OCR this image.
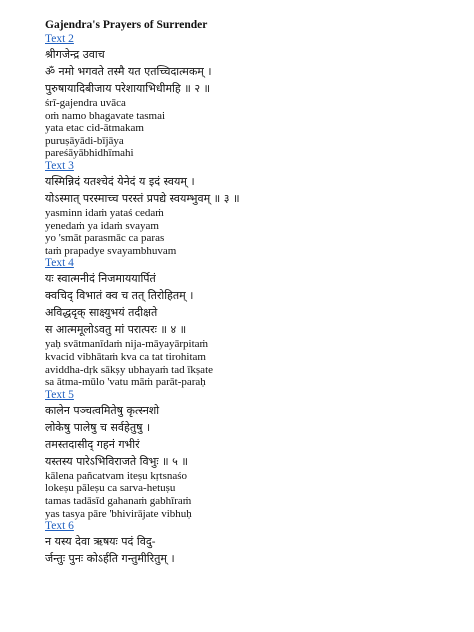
Gajendra's Prayers of Surrender
Text 2
श्रीगजेन्द्र उवाच
ॐ नमो भगवते तस्मै यत एतच्चिदात्मकम् ।
पुरुषायादिबीजाय परेशायाभिधीमहि ॥ २ ॥
śrī-gajendra uvāca
oṁ namo bhagavate tasmai
yata etac cid-ātmakam
puruṣāyādi-bījāya
pareśāyābhidhīmahi
Text 3
यस्मिन्निदं यतश्चेदं येनेदं य इदं स्वयम् ।
योऽस्मात् परस्माच्च परस्तं प्रपद्ये स्वयम्भुवम् ॥ ३ ॥
yasminn idaṁ yataś cedaṁ
yenedaṁ ya idaṁ svayam
yo 'smāt parasmāc ca paras
taṁ prapadye svayambhuvam
Text 4
यः स्वात्मनीदं निजमाययार्पितं
क्वचिद् विभातं क्व च तत् तिरोहितम् ।
अविद्धदृक् साक्ष्युभयं तदीक्षते
स आत्ममूलोऽवतु मां परात्परः ॥ ४ ॥
yaḥ svātmanīdaṁ nija-māyayārpitaṁ
kvacid vibhātaṁ kva ca tat tirohitam
aviddha-dṛk sākṣy ubhayaṁ tad īkṣate
sa ātma-mūlo 'vatu māṁ parāt-paraḥ
Text 5
कालेन पञ्चत्वमितेषु कृत्स्नशो
लोकेषु पालेषु च सर्वहेतुषु ।
तमस्तदासीद् गहनं गभीरं
यस्तस्य पारेऽभिविराजते विभुः ॥ ५ ॥
kālena pañcatvam iteṣu kṛtsnaśo
lokeṣu pāleṣu ca sarva-hetuṣu
tamas tadāsīd gahanaṁ gabhīraṁ
yas tasya pāre 'bhivirājate vibhuḥ
Text 6
न यस्य देवा ऋषयः पदं विदु-
र्जन्तुः पुनः कोऽर्हति गन्तुमीरितुम् ।
